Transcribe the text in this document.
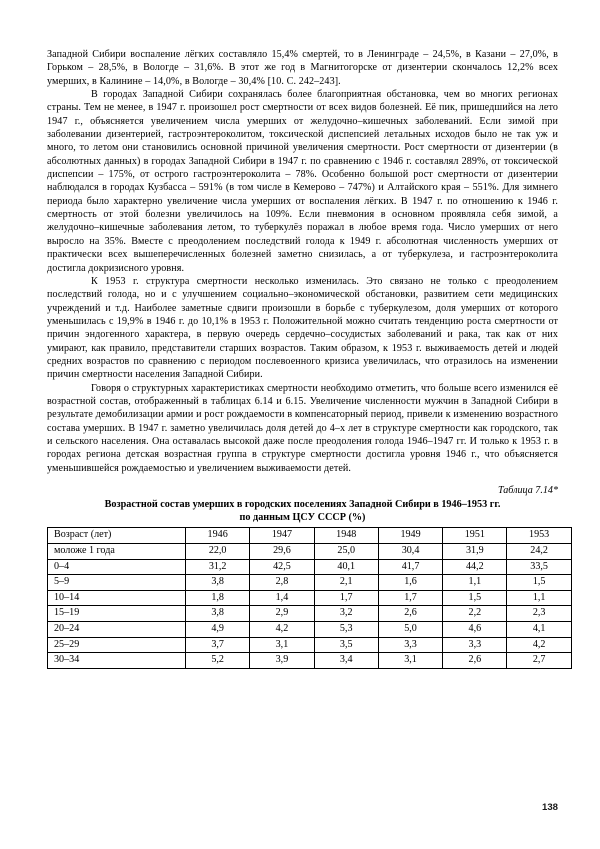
Западной Сибири воспаление лёгких составляло 15,4% смертей, то в Ленинграде – 24,5%, в Казани – 27,0%, в Горьком – 28,5%, в Вологде – 31,6%. В этот же год в Магнитогорске от дизентерии скончалось 12,2% всех умерших, в Калинине – 14,0%, в Вологде – 30,4% [10. С. 242–243].

В городах Западной Сибири сохранялась более благоприятная обстановка, чем во многих регионах страны. Тем не менее, в 1947 г. произошел рост смертности от всех видов болезней. Её пик, пришедшийся на лето 1947 г., объясняется увеличением числа умерших от желудочно–кишечных заболеваний. Если зимой при заболевании дизентерией, гастроэнтероколитом, токсической диспепсией летальных исходов было не так уж и много, то летом они становились основной причиной увеличения смертности. Рост смертности от дизентерии (в абсолютных данных) в городах Западной Сибири в 1947 г. по сравнению с 1946 г. составлял 289%, от токсической диспепсии – 175%, от острого гастроэнтероколита – 78%. Особенно большой рост смертности от дизентерии наблюдался в городах Кузбасса – 591% (в том числе в Кемерово – 747%) и Алтайского края – 551%. Для зимнего периода было характерно увеличение числа умерших от воспаления лёгких. В 1947 г. по отношению к 1946 г. смертность от этой болезни увеличилось на 109%. Если пневмония в основном проявляла себя зимой, а желудочно–кишечные заболевания летом, то туберкулёз поражал в любое время года. Число умерших от него выросло на 35%. Вместе с преодолением последствий голода к 1949 г. абсолютная численность умерших от практически всех вышеперечисленных болезней заметно снизилась, а от туберкулеза, и гастроэнтероколита достигла докризисного уровня.

К 1953 г. структура смертности несколько изменилась. Это связано не только с преодолением последствий голода, но и с улучшением социально–экономической обстановки, развитием сети медицинских учреждений и т.д. Наиболее заметные сдвиги произошли в борьбе с туберкулезом, доля умерших от которого уменьшилась с 19,9% в 1946 г. до 10,1% в 1953 г. Положительной можно считать тенденцию роста смертности от причин эндогенного характера, в первую очередь сердечно–сосудистых заболеваний и рака, так как от них умирают, как правило, представители старших возрастов. Таким образом, к 1953 г. выживаемость детей и людей средних возрастов по сравнению с периодом послевоенного кризиса увеличилась, что отразилось на изменении причин смертности населения Западной Сибири.

Говоря о структурных характеристиках смертности необходимо отметить, что больше всего изменился её возрастной состав, отображенный в таблицах 6.14 и 6.15. Увеличение численности мужчин в Западной Сибири в результате демобилизации армии и рост рождаемости в компенсаторный период, привели к изменению возрастного состава умерших. В 1947 г. заметно увеличилась доля детей до 4–х лет в структуре смертности как городского, так и сельского населения. Она оставалась высокой даже после преодоления голода 1946–1947 гг. И только к 1953 г. в городах региона детская возрастная группа в структуре смертности достигла уровня 1946 г., что объясняется уменьшившейся рождаемостью и увеличением выживаемости детей.

Таблица 7.14*
Возрастной состав умерших в городских поселениях Западной Сибири в 1946–1953 гг.
по данным ЦСУ СССР (%)
Возраст (лет)	1946	1947	1948	1949	1951	1953
моложе 1 года	22,0	29,6	25,0	30,4	31,9	24,2
0–4	31,2	42,5	40,1	41,7	44,2	33,5
5–9	3,8	2,8	2,1	1,6	1,1	1,5
10–14	1,8	1,4	1,7	1,7	1,5	1,1
15–19	3,8	2,9	3,2	2,6	2,2	2,3
20–24	4,9	4,2	5,3	5,0	4,6	4,1
25–29	3,7	3,1	3,5	3,3	3,3	4,2
30–34	5,2	3,9	3,4	3,1	2,6	2,7
138
